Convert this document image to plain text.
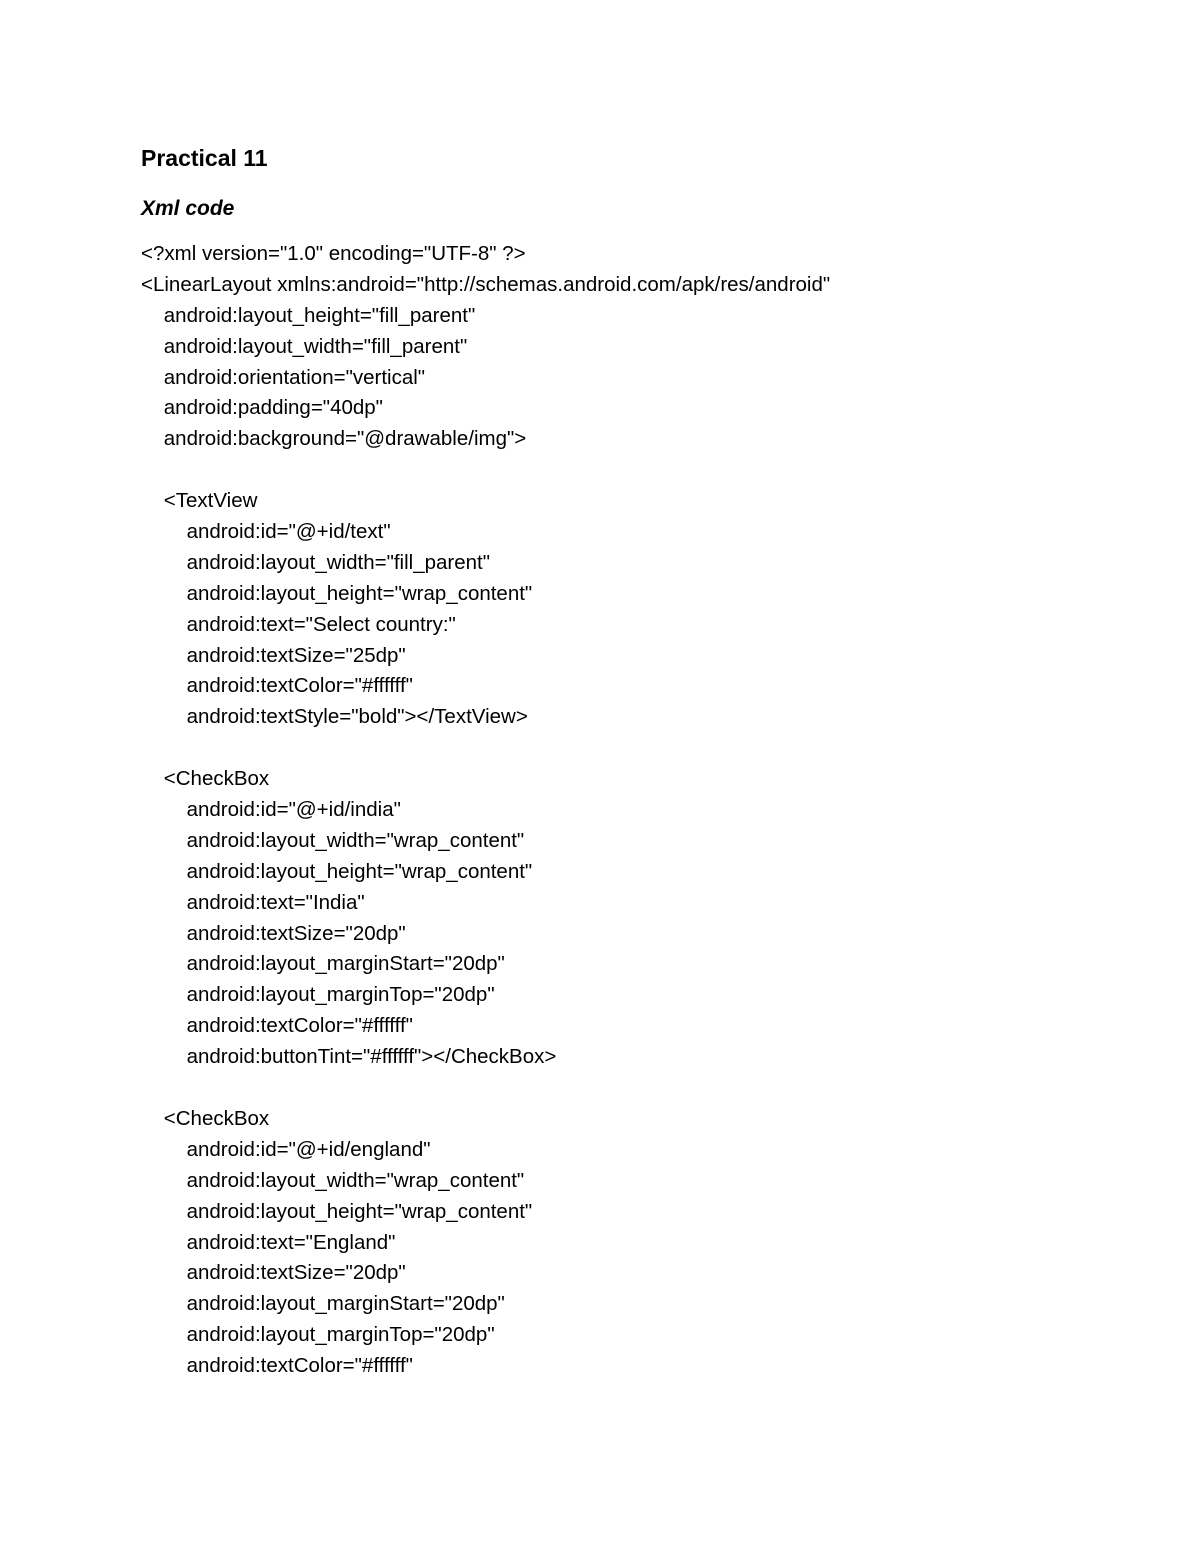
Practical 11
Xml code
<?xml version="1.0" encoding="UTF-8" ?>
<LinearLayout xmlns:android="http://schemas.android.com/apk/res/android"
android:layout_height="fill_parent"
android:layout_width="fill_parent"
android:orientation="vertical"
android:padding="40dp"
android:background="@drawable/img">
<TextView
android:id="@+id/text"
android:layout_width="fill_parent"
android:layout_height="wrap_content"
android:text="Select country:"
android:textSize="25dp"
android:textColor="#ffffff"
android:textStyle="bold"></TextView>
<CheckBox
android:id="@+id/india"
android:layout_width="wrap_content"
android:layout_height="wrap_content"
android:text="India"
android:textSize="20dp"
android:layout_marginStart="20dp"
android:layout_marginTop="20dp"
android:textColor="#ffffff"
android:buttonTint="#ffffff"></CheckBox>
<CheckBox
android:id="@+id/england"
android:layout_width="wrap_content"
android:layout_height="wrap_content"
android:text="England"
android:textSize="20dp"
android:layout_marginStart="20dp"
android:layout_marginTop="20dp"
android:textColor="#ffffff"
